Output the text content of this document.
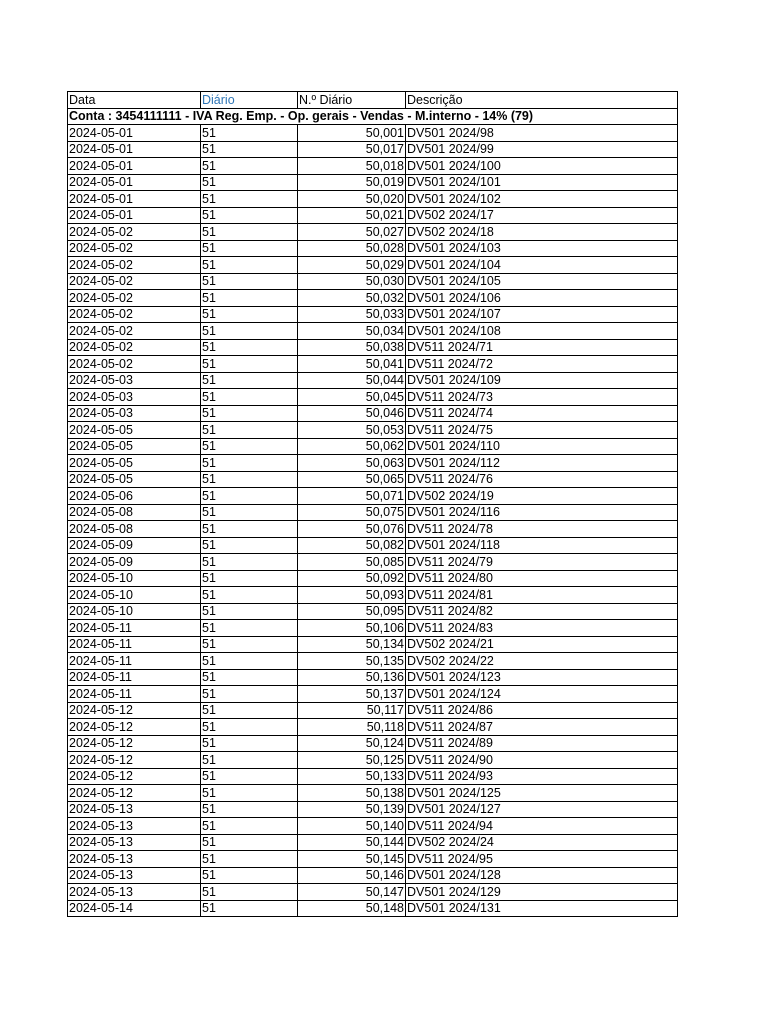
Data	Diário	N.º Diário	Descrição
Conta : 3454111111 - IVA Reg. Emp. - Op. gerais - Vendas - M.interno - 14% (79)			
2024-05-01	51	50,001	DV501 2024/98
2024-05-01	51	50,017	DV501 2024/99
2024-05-01	51	50,018	DV501 2024/100
2024-05-01	51	50,019	DV501 2024/101
2024-05-01	51	50,020	DV501 2024/102
2024-05-01	51	50,021	DV502 2024/17
2024-05-02	51	50,027	DV502 2024/18
2024-05-02	51	50,028	DV501 2024/103
2024-05-02	51	50,029	DV501 2024/104
2024-05-02	51	50,030	DV501 2024/105
2024-05-02	51	50,032	DV501 2024/106
2024-05-02	51	50,033	DV501 2024/107
2024-05-02	51	50,034	DV501 2024/108
2024-05-02	51	50,038	DV511 2024/71
2024-05-02	51	50,041	DV511 2024/72
2024-05-03	51	50,044	DV501 2024/109
2024-05-03	51	50,045	DV511 2024/73
2024-05-03	51	50,046	DV511 2024/74
2024-05-05	51	50,053	DV511 2024/75
2024-05-05	51	50,062	DV501 2024/110
2024-05-05	51	50,063	DV501 2024/112
2024-05-05	51	50,065	DV511 2024/76
2024-05-06	51	50,071	DV502 2024/19
2024-05-08	51	50,075	DV501 2024/116
2024-05-08	51	50,076	DV511 2024/78
2024-05-09	51	50,082	DV501 2024/118
2024-05-09	51	50,085	DV511 2024/79
2024-05-10	51	50,092	DV511 2024/80
2024-05-10	51	50,093	DV511 2024/81
2024-05-10	51	50,095	DV511 2024/82
2024-05-11	51	50,106	DV511 2024/83
2024-05-11	51	50,134	DV502 2024/21
2024-05-11	51	50,135	DV502 2024/22
2024-05-11	51	50,136	DV501 2024/123
2024-05-11	51	50,137	DV501 2024/124
2024-05-12	51	50,117	DV511 2024/86
2024-05-12	51	50,118	DV511 2024/87
2024-05-12	51	50,124	DV511 2024/89
2024-05-12	51	50,125	DV511 2024/90
2024-05-12	51	50,133	DV511 2024/93
2024-05-12	51	50,138	DV501 2024/125
2024-05-13	51	50,139	DV501 2024/127
2024-05-13	51	50,140	DV511 2024/94
2024-05-13	51	50,144	DV502 2024/24
2024-05-13	51	50,145	DV511 2024/95
2024-05-13	51	50,146	DV501 2024/128
2024-05-13	51	50,147	DV501 2024/129
2024-05-14	51	50,148	DV501 2024/131
